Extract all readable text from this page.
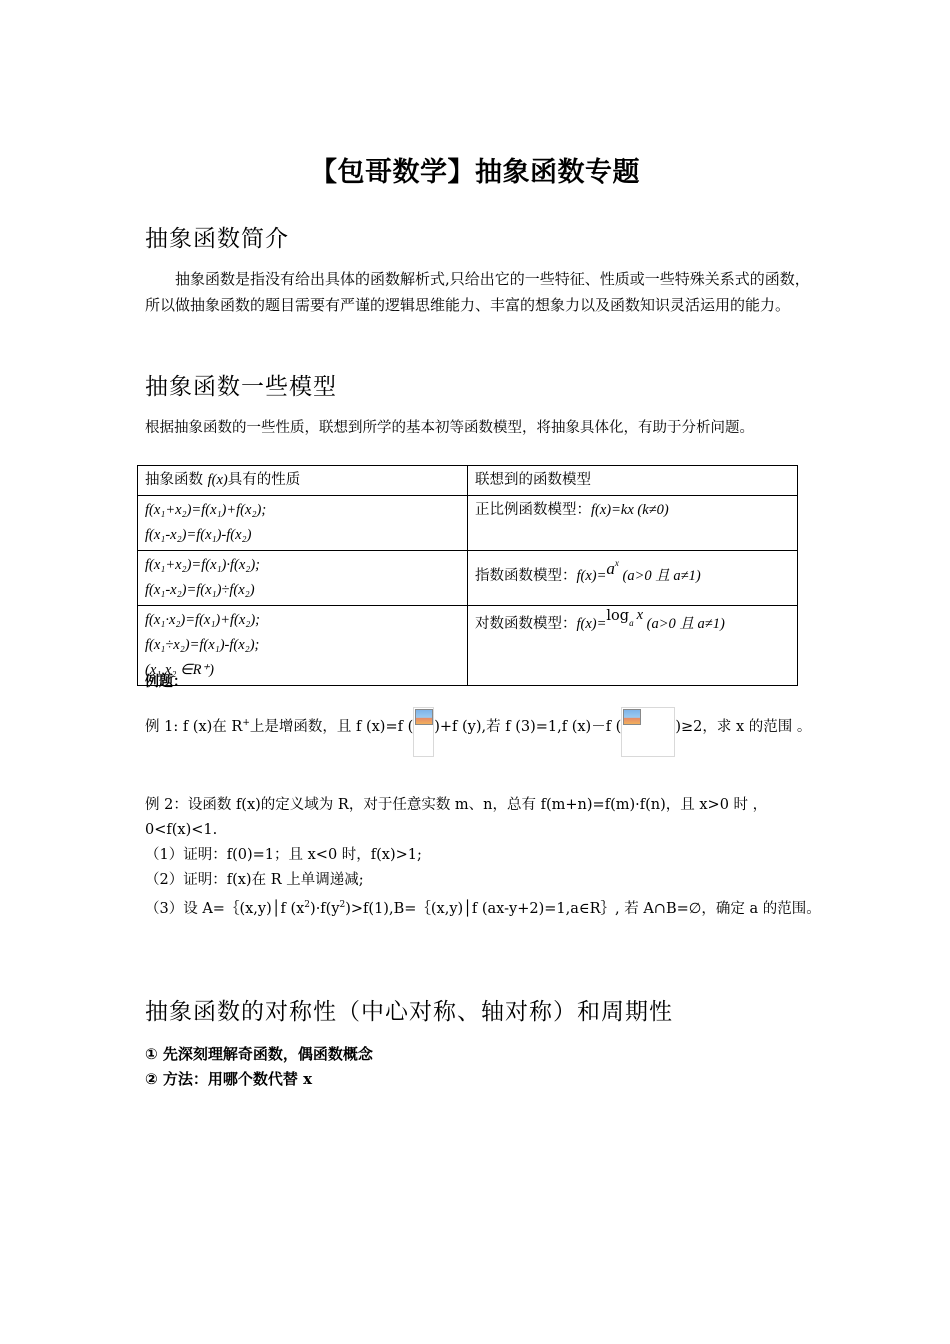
【包哥数学】抽象函数专题
抽象函数简介
抽象函数是指没有给出具体的函数解析式,只给出它的一些特征、性质或一些特殊关系式的函数，所以做抽象函数的题目需要有严谨的逻辑思维能力、丰富的想象力以及函数知识灵活运用的能力。
抽象函数一些模型
根据抽象函数的一些性质，联想到所学的基本初等函数模型，将抽象具体化，有助于分析问题。
抽象函数 f(x)具有的性质	联想到的函数模型

f(x₁+x₂)=f(x₁)+f(x₂);
f(x₁-x₂)=f(x₁)-f(x₂)	正比例函数模型：f(x)=kx (k≠0)

f(x₁+x₂)=f(x₁)·f(x₂);
f(x₁-x₂)=f(x₁)÷f(x₂)	指数函数模型：$f(x)=a^x$ (a>0 且 a≠1)

f(x₁·x₂)=f(x₁)+f(x₂);
f(x₁÷x₂)=f(x₁)-f(x₂);
(x₁,x₂ ∈R⁺)	对数函数模型：$f(x)=\log_a$ x (a>0 且 a≠1)
例题：
例 1: f (x)在 R+上是增函数，且 f (x)=f ( )+f (y),若 f (3)=1,f (x)－f (	)≥2，求 x 的范围 。
例 2：设函数 f(x)的定义域为 R，对于任意实数 m、n，总有 f(m+n)=f(m)·f(n)，且 x>0 时 ，
0<f(x)<1.
（1）证明：f(0)=1；且 x<0 时，f(x)>1;
（2）证明：f(x)在 R 上单调递减;
（3）设 A=｛(x,y)│f $(x^2)\cdot f(y^2)>f(1),B=\{(x,y)│f$ (ax-y+2)=1,a∈R｝, 若 A∩B=∅，确定 a 的范围。
抽象函数的对称性（中心对称、轴对称）和周期性
① 先深刻理解奇函数，偶函数概念
② 方法：用哪个数代替 x
